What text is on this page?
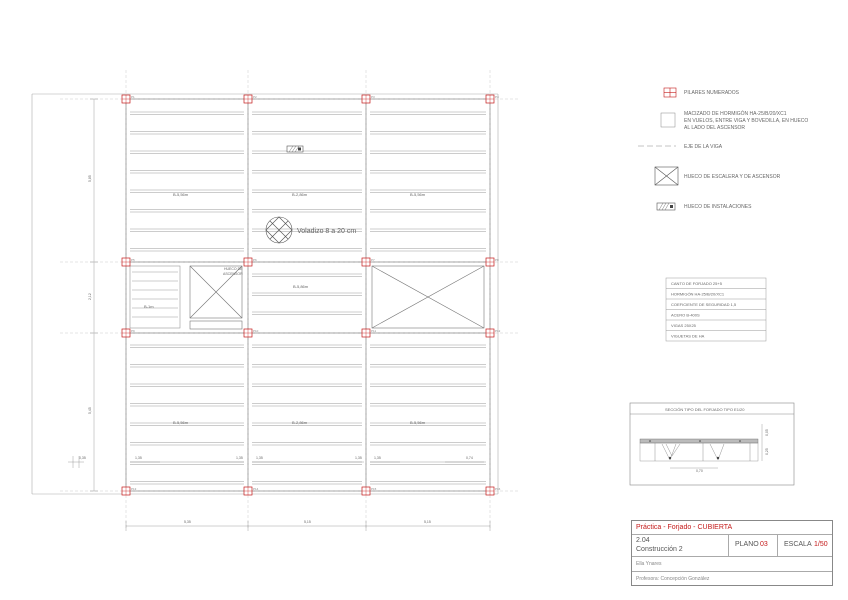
Voladizo 8 a 20 cm
HUECO DE
ASCENSOR
B-5,56m	B-2,86m	B-5,56m
B-1m
B-5,86m
B-5,56m	B-2,86m	B-5,56m
1,35	1,35	1,35	1,35	1,35	0,74
5,85
2,12
5,45
0,35
5,35	5,15	5,15
P1	P2	P3	P4
P5	P6	P7	P8
P9	P10	P11	P12
P13	P14	P15	P16
PILARES NUMERADOS
MACIZADO DE HORMIGÓN HA-25/B/20/XC1
EN VUELOS, ENTRE VIGA Y BOVEDILLA, EN HUECO
AL LADO DEL ASCENSOR
EJE DE LA VIGA
HUECO DE ESCALERA Y DE ASCENSOR
HUECO DE INSTALACIONES
CANTO DE FORJADO 25+5
HORMIGÓN HA-25/B/20/XC1
COEFICIENTE DE SEGURIDAD 1,5
ACERO B-400S
VIGAS 25X25
VIGUETAS DE HA
SECCIÓN TIPO DEL FORJADO TIPO E1/20
0,70
0,05
0,25
Práctica - Forjado - CUBIERTA
2.04
Construcción 2
PLANO 03 ESCALA 1/50
Ella Ynares
Profesora: Concepción González
